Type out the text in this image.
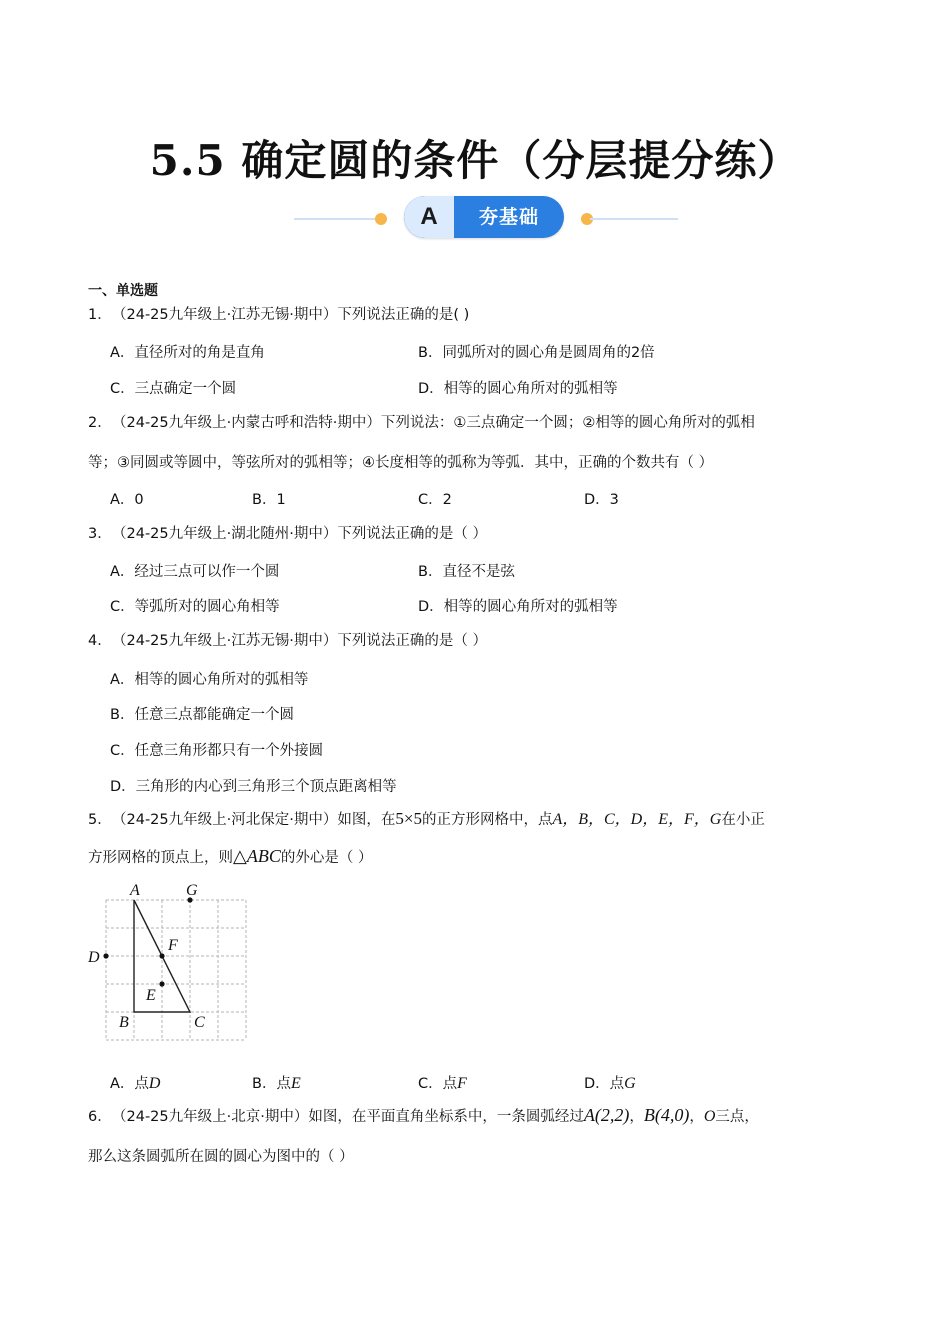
5.5 确定圆的条件（分层提分练）
A	夯基础
一、单选题
1．（24-25九年级上·江苏无锡·期中）下列说法正确的是( )
A．直径所对的角是直角	B．同弧所对的圆心角是圆周角的2倍
C．三点确定一个圆	D．相等的圆心角所对的弧相等
2．（24-25九年级上·内蒙古呼和浩特·期中）下列说法：①三点确定一个圆；②相等的圆心角所对的弧相
等；③同圆或等圆中，等弦所对的弧相等；④长度相等的弧称为等弧．其中，正确的个数共有（ ）
A．0	B．1	C．2	D．3
3．（24-25九年级上·湖北随州·期中）下列说法正确的是（ ）
A．经过三点可以作一个圆	B．直径不是弦
C．等弧所对的圆心角相等	D．相等的圆心角所对的弧相等
4．（24-25九年级上·江苏无锡·期中）下列说法正确的是（ ）
A．相等的圆心角所对的弧相等
B．任意三点都能确定一个圆
C．任意三角形都只有一个外接圆
D．三角形的内心到三角形三个顶点距离相等
5．（24-25九年级上·河北保定·期中）如图，在5×5的正方形网格中，点A，B，C，D，E，F，G在小正
方形网格的顶点上，则△ABC的外心是（ ）
A	G
F
D
E
B	C
A．点D	B．点E	C．点F	D．点G
6．（24-25九年级上·北京·期中）如图，在平面直角坐标系中，一条圆弧经过A(2,2)，B(4,0)，O三点，
那么这条圆弧所在圆的圆心为图中的（ ）
